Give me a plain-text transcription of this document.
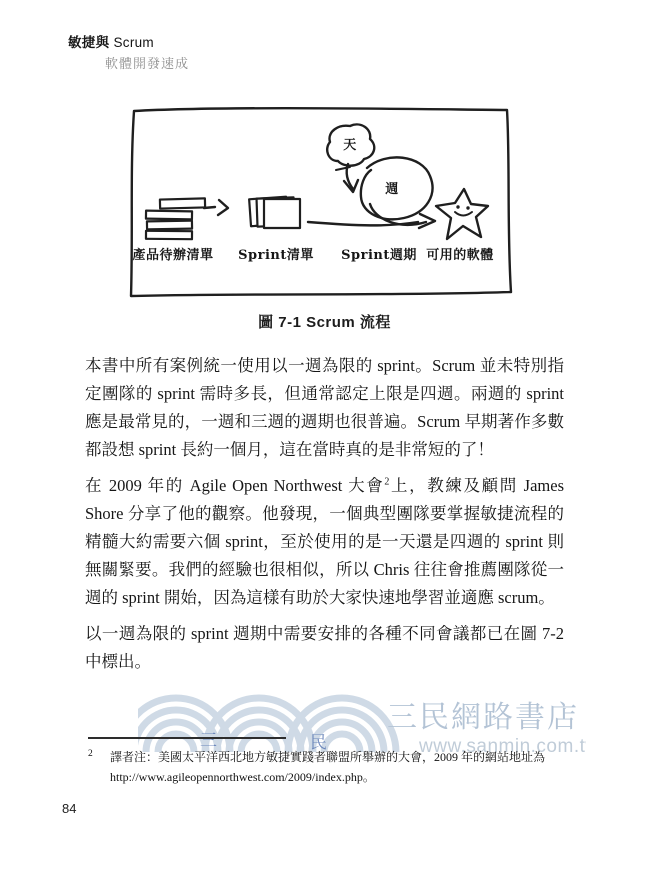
敏捷與 Scrum
軟體開發速成
三	民
三民網路書店
www.sanmin.com.tw
天
週
產品待辦清單 Sprint清單 Sprint週期 可用的軟體
圖 7-1 Scrum 流程

本書中所有案例統一使用以一週為限的 sprint。Scrum 並未特別指定團隊的 sprint 需時多長，但通常認定上限是四週。兩週的 sprint 應是最常見的，一週和三週的週期也很普遍。Scrum 早期著作多數都設想 sprint 長約一個月，這在當時真的是非常短的了！

在 2009 年的 Agile Open Northwest 大會$^2$上，教練及顧問 James Shore 分享了他的觀察。他發現，一個典型團隊要掌握敏捷流程的精髓大約需要六個 sprint，至於使用的是一天還是四週的 sprint 則無關緊要。我們的經驗也很相似，所以 Chris 往往會推薦團隊從一週的 sprint 開始，因為這樣有助於大家快速地學習並適應 scrum。

以一週為限的 sprint 週期中需要安排的各種不同會議都已在圖 7-2 中標出。

2 譯者注：美國太平洋西北地方敏捷實踐者聯盟所舉辦的大會，2009 年的網站地址為
http://www.agileopennorthwest.com/2009/index.php。
84
